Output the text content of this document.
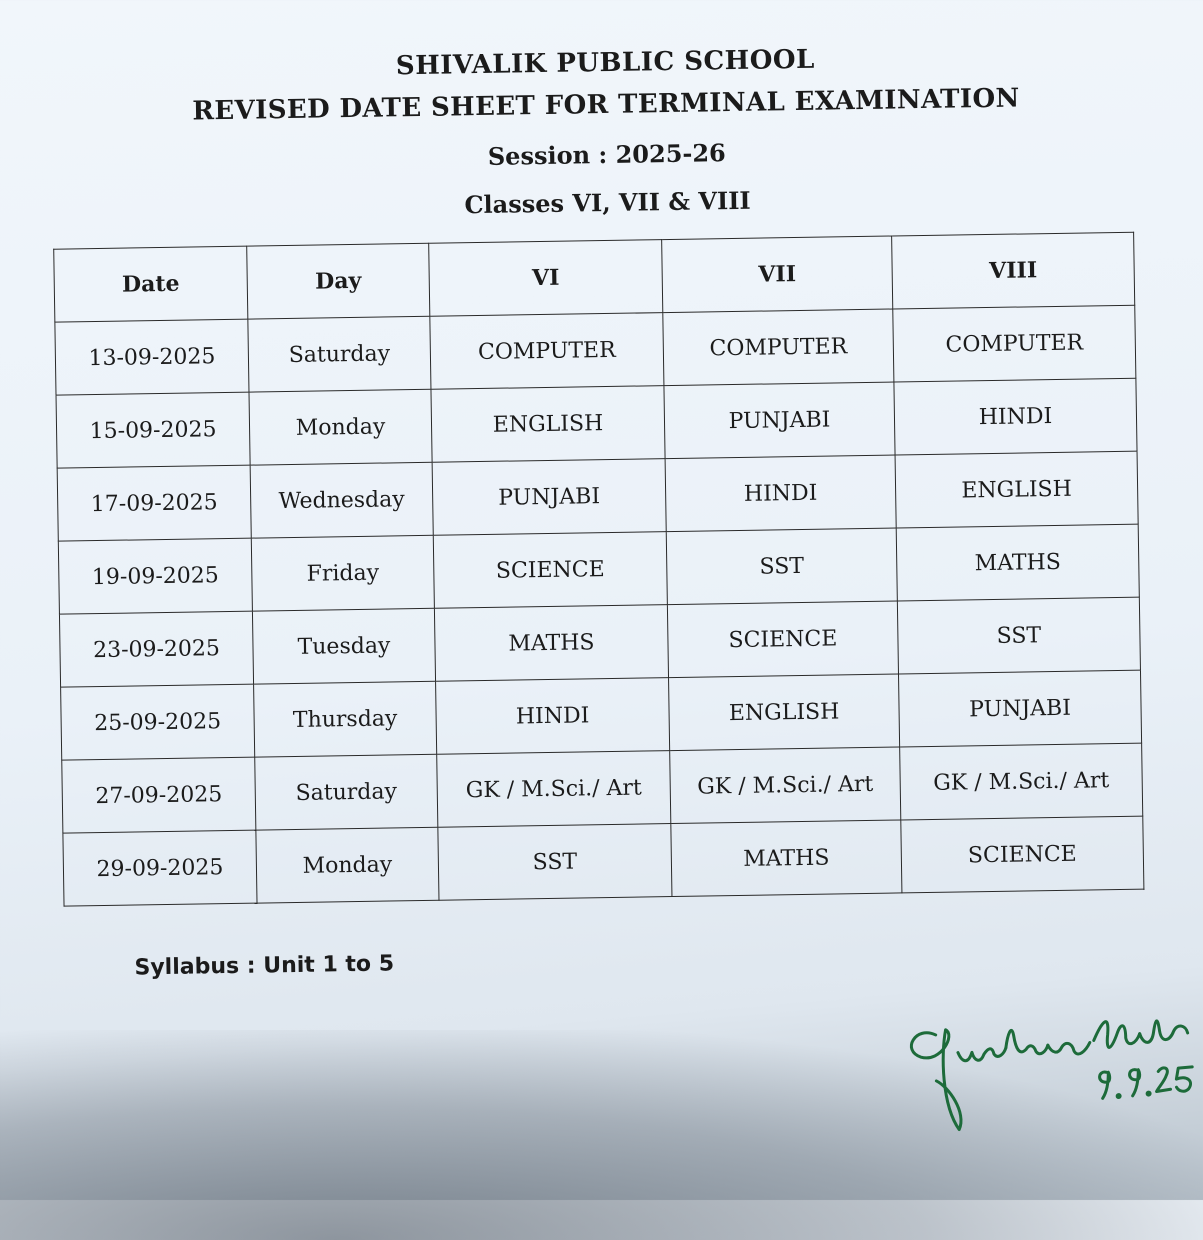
SHIVALIK PUBLIC SCHOOL
REVISED DATE SHEET FOR TERMINAL EXAMINATION
Session : 2025-26
Classes VI, VII & VIII
Date	Day	VI	VII	VIII
13-09-2025	Saturday	COMPUTER	COMPUTER	COMPUTER
15-09-2025	Monday	ENGLISH	PUNJABI	HINDI
17-09-2025	Wednesday	PUNJABI	HINDI	ENGLISH
19-09-2025	Friday	SCIENCE	SST	MATHS
23-09-2025	Tuesday	MATHS	SCIENCE	SST
25-09-2025	Thursday	HINDI	ENGLISH	PUNJABI
27-09-2025	Saturday	GK / M.Sci./ Art	GK / M.Sci./ Art	GK / M.Sci./ Art
29-09-2025	Monday	SST	MATHS	SCIENCE

Syllabus : Unit 1 to 5
